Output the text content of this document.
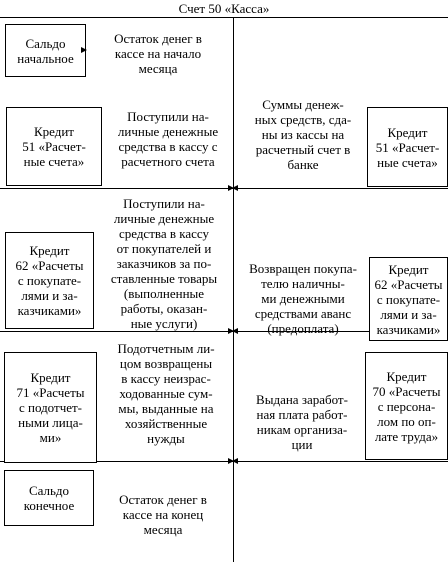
Счет 50 «Касса»
Сальдо
начальное
Остаток денег в
кассе на начало
месяца
Кредит
51 «Расчет-
ные счета»
Поступили на-
личные денежные
средства в кассу с
расчетного счета
Кредит
62 «Расчеты
с покупате-
лями и за-
казчиками»
Поступили на-
личные денежные
средства в кассу
от покупателей и
заказчиков за по-
ставленные товары
(выполненные
работы, оказан-
ные услуги)
Кредит
71 «Расчеты
с подотчет-
ными лица-
ми»
Подотчетным ли-
цом возвращены
в кассу неизрас-
ходованные сум-
мы, выданные на
хозяйственные
нужды
Сальдо
конечное	Остаток денег в
кассе на конец
месяца
Суммы денеж-
ных средств, сда-
ны из кассы на
расчетный счет в
банке
Кредит
51 «Расчет-
ные счета»
Возвращен покупа-
телю наличны-
ми денежными
средствами аванс
(предоплата)
Кредит
62 «Расчеты
с покупате-
лями и за-
казчиками»
Выдана заработ-
ная плата работ-
никам организа-
ции
Кредит
70 «Расчеты
с персона-
лом по оп-
лате труда»
